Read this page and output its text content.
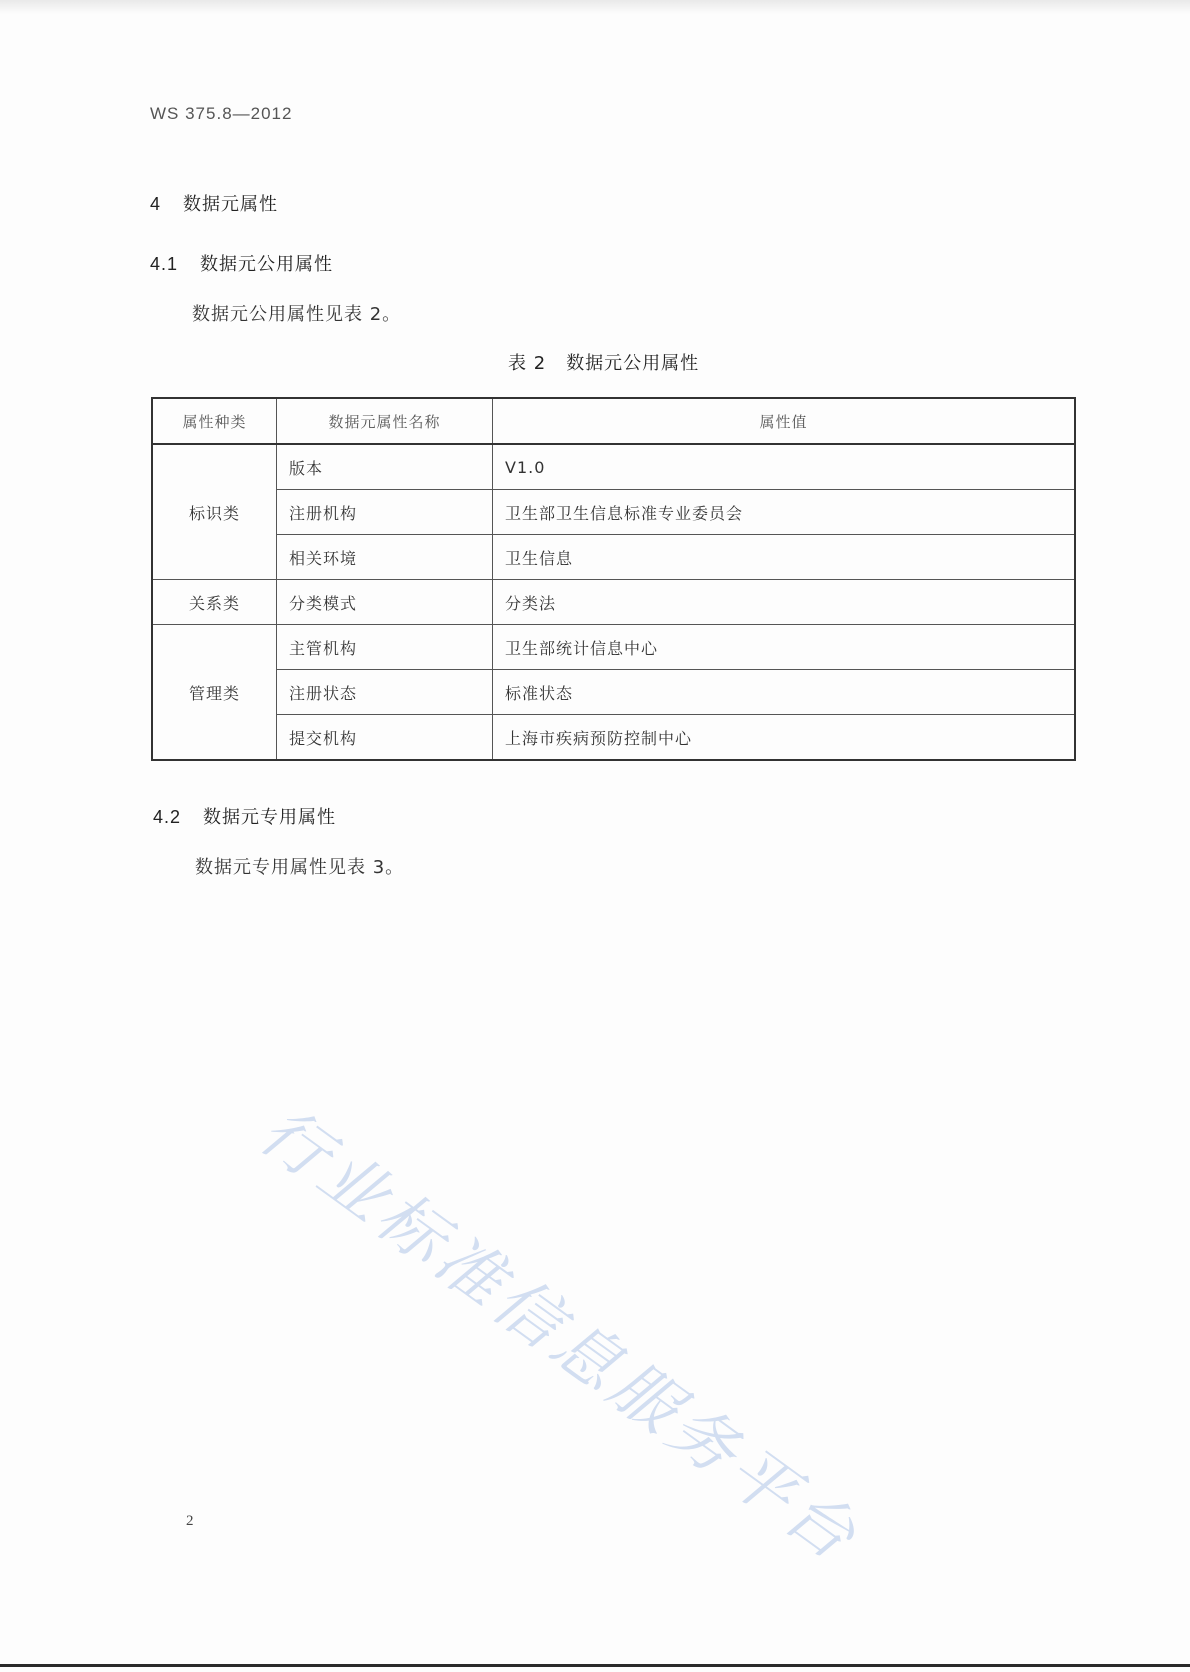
WS 375.8—2012
4 数据元属性
4.1 数据元公用属性
数据元公用属性见表 2。
表 2 数据元公用属性
属性种类	数据元属性名称	属性值
标识类	版本	V1.0
	注册机构	卫生部卫生信息标准专业委员会
	相关环境	卫生信息
关系类	分类模式	分类法
管理类	主管机构	卫生部统计信息中心
	注册状态	标准状态
	提交机构	上海市疾病预防控制中心
4.2 数据元专用属性
数据元专用属性见表 3。
行业标准信息服务平台
2
